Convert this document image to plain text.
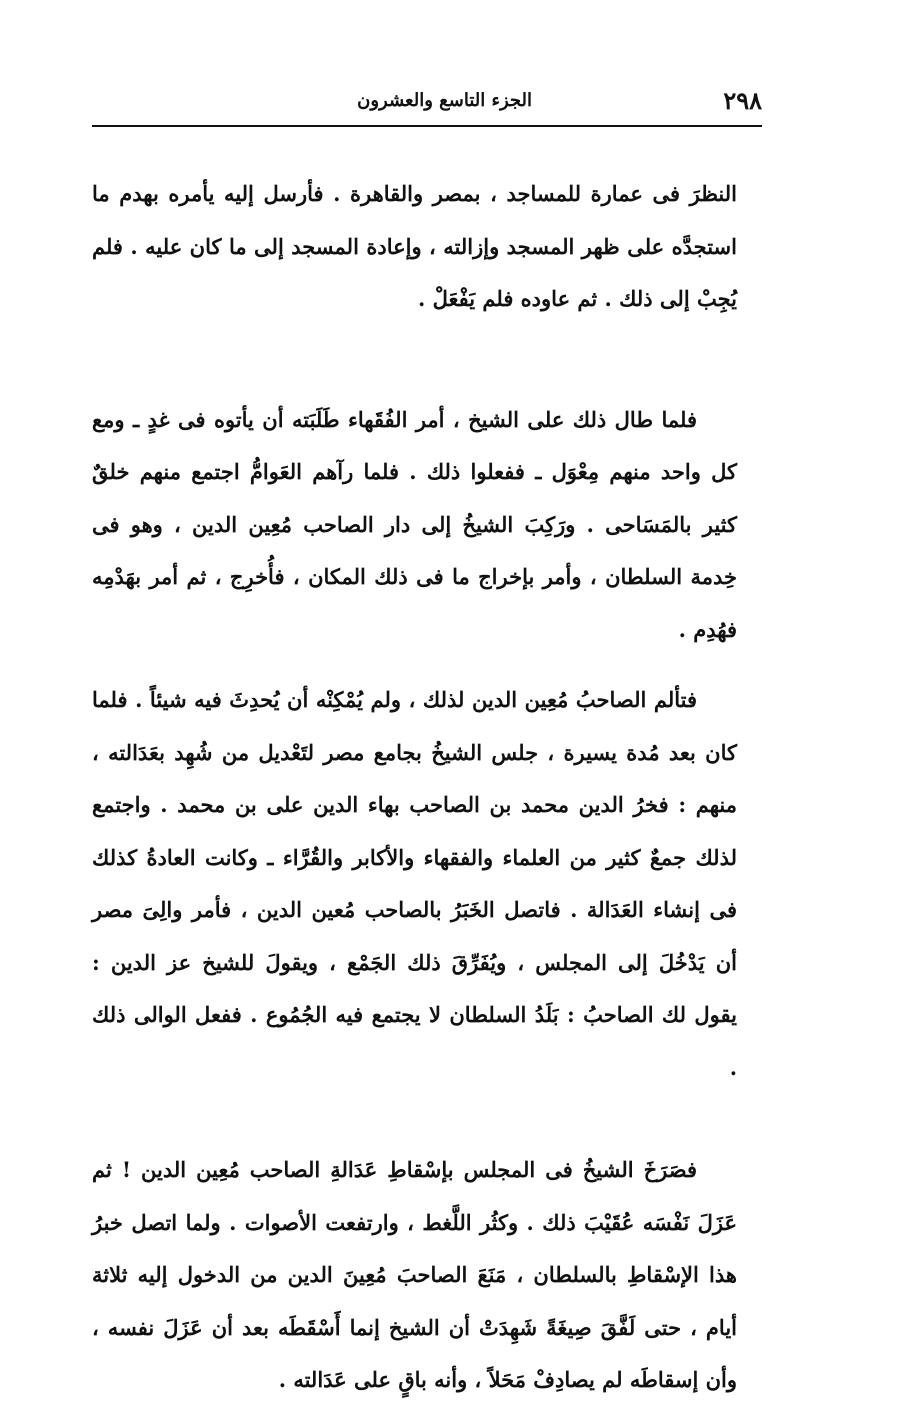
٢٩٨
الجزء التاسع والعشرون

النظرَ فى عمارة للمساجد ، بمصر والقاهرة . فأرسل إليه يأمره بهدم ما استجدَّه على ظهر المسجد وإزالته ، وإعادة المسجد إلى ما كان عليه . فلم يُجِبْ إلى ذلك . ثم عاوده فلم يَفْعَلْ .

فلما طال ذلك على الشيخ ، أمر الفُقَهاء طَلَبَته أن يأتوه فى غدٍ ـ ومع كل واحد منهم مِعْوَل ـ ففعلوا ذلك . فلما رآهم العَوامُّ اجتمع منهم خلقٌ كثير بالمَسَاحى . ورَكِبَ الشيخُ إلى دار الصاحب مُعِين الدين ، وهو فى خِدمة السلطان ، وأمر بإخراج ما فى ذلك المكان ، فأُخرِج ، ثم أمر بهَدْمِه فهُدِم .

فتألم الصاحبُ مُعِين الدين لذلك ، ولم يُمْكِنْه أن يُحدِثَ فيه شيئاً . فلما كان بعد مُدة يسيرة ، جلس الشيخُ بجامع مصر لتَعْديل من شُهِد بعَدَالته ، منهم : فخرُ الدين محمد بن الصاحب بهاء الدين على بن محمد . واجتمع لذلك جمعٌ كثير من العلماء والفقهاء والأكابر والقُرَّاء ـ وكانت العادةُ كذلك فى إنشاء العَدَالة . فاتصل الخَبَرُ بالصاحب مُعين الدين ، فأمر والِىَ مصر أن يَدْخُلَ إلى المجلس ، ويُفَرِّقَ ذلك الجَمْع ، ويقولَ للشيخ عز الدين : يقول لك الصاحبُ : بَلَدُ السلطان لا يجتمع فيه الجُمُوع . ففعل الوالى ذلك .

فصَرَخَ الشيخُ فى المجلس بإسْقاطِ عَدَالةِ الصاحب مُعِين الدين ! ثم عَزَلَ نَفْسَه عُقَيْبَ ذلك . وكثُر اللَّغط ، وارتفعت الأصوات . ولما اتصل خبرُ هذا الإسْقاطِ بالسلطان ، مَنَعَ الصاحبَ مُعِينَ الدين من الدخول إليه ثلاثة أيام ، حتى لَفَّقَ صِيغَةً شَهِدَتْ أن الشيخ إنما أَسْقَطَه بعد أن عَزَلَ نفسه ، وأن إسقاطَه لم يصادِفْ مَحَلاً ، وأنه باقٍ على عَدَالته .
